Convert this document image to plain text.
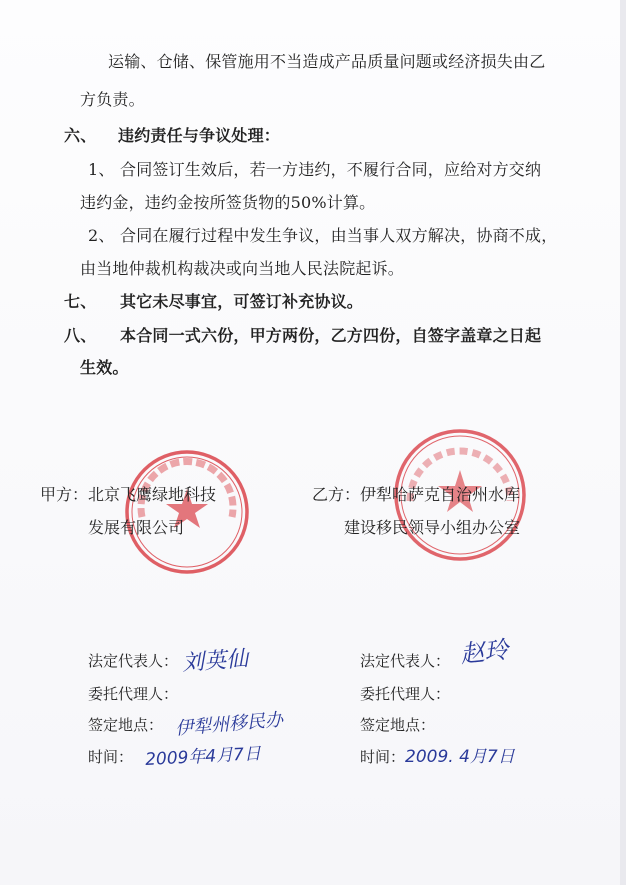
运输、仓储、保管施用不当造成产品质量问题或经济损失由乙
方负责。
六、 违约责任与争议处理：
1、 合同签订生效后，若一方违约，不履行合同，应给对方交纳
违约金，违约金按所签货物的50%计算。
2、 合同在履行过程中发生争议，由当事人双方解决，协商不成，
由当地仲裁机构裁决或向当地人民法院起诉。
七、 其它未尽事宜，可签订补充协议。
八、 本合同一式六份，甲方两份，乙方四份，自签字盖章之日起
生效。
甲方： 北京飞鹰绿地科技
发展有限公司
乙方： 伊犁哈萨克自治州水库
建设移民领导小组办公室
法定代表人： 刘英仙
委托代理人：
签定地点： 伊犁州移民办
时间： 2009年4月7日
法定代表人： 赵玲
委托代理人：
签定地点：
时间： 2009. 4月7日
